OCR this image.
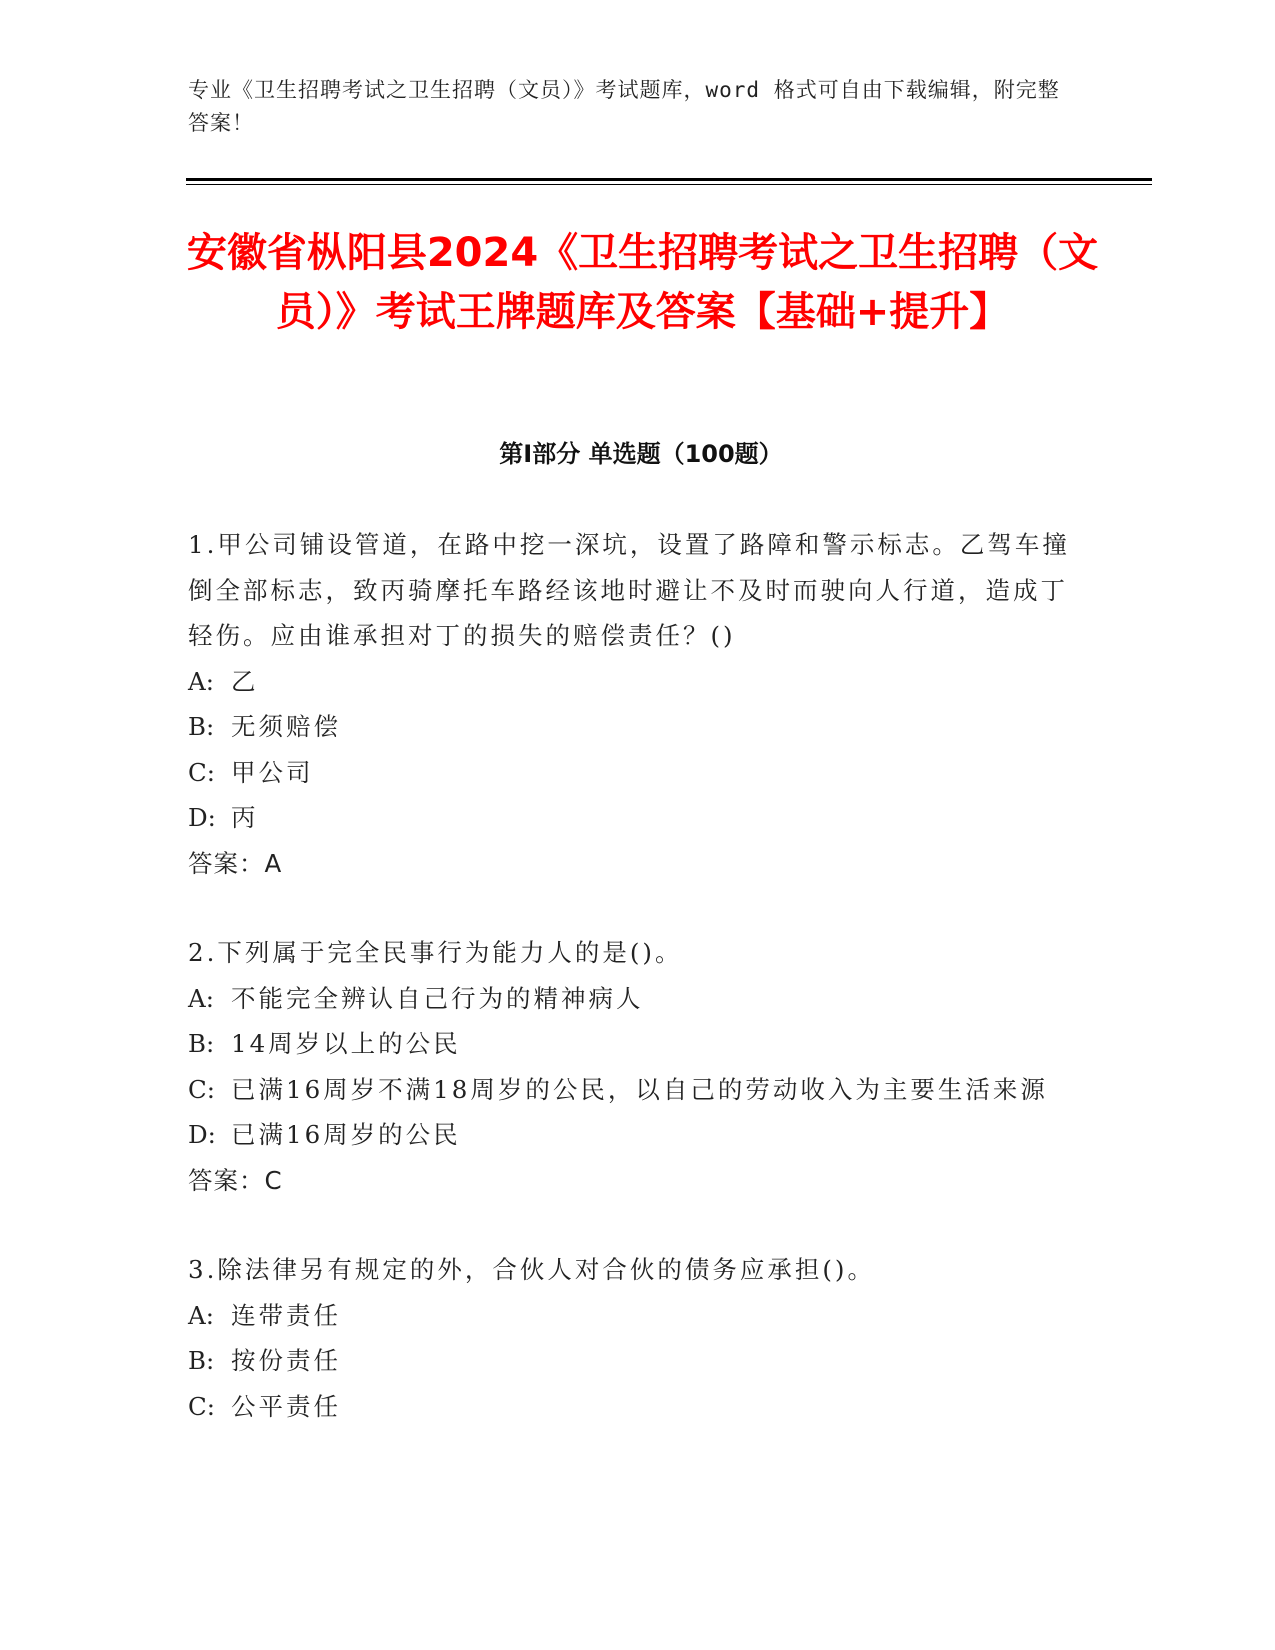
专业《卫生招聘考试之卫生招聘（文员）》考试题库，word 格式可自由下载编辑，附完整答案！
安徽省枞阳县2024《卫生招聘考试之卫生招聘（文员）》考试王牌题库及答案【基础+提升】
第Ⅰ部分 单选题（100题）

1.甲公司铺设管道，在路中挖一深坑，设置了路障和警示标志。乙驾车撞倒全部标志，致丙骑摩托车路经该地时避让不及时而驶向人行道，造成丁轻伤。应由谁承担对丁的损失的赔偿责任？()

A: 乙
B: 无须赔偿
C: 甲公司
D: 丙

答案：A

2.下列属于完全民事行为能力人的是()。

A: 不能完全辨认自己行为的精神病人
B: 14周岁以上的公民
C: 已满16周岁不满18周岁的公民，以自己的劳动收入为主要生活来源
D: 已满16周岁的公民

答案：C

3.除法律另有规定的外，合伙人对合伙的债务应承担()。

A: 连带责任
B: 按份责任
C: 公平责任
